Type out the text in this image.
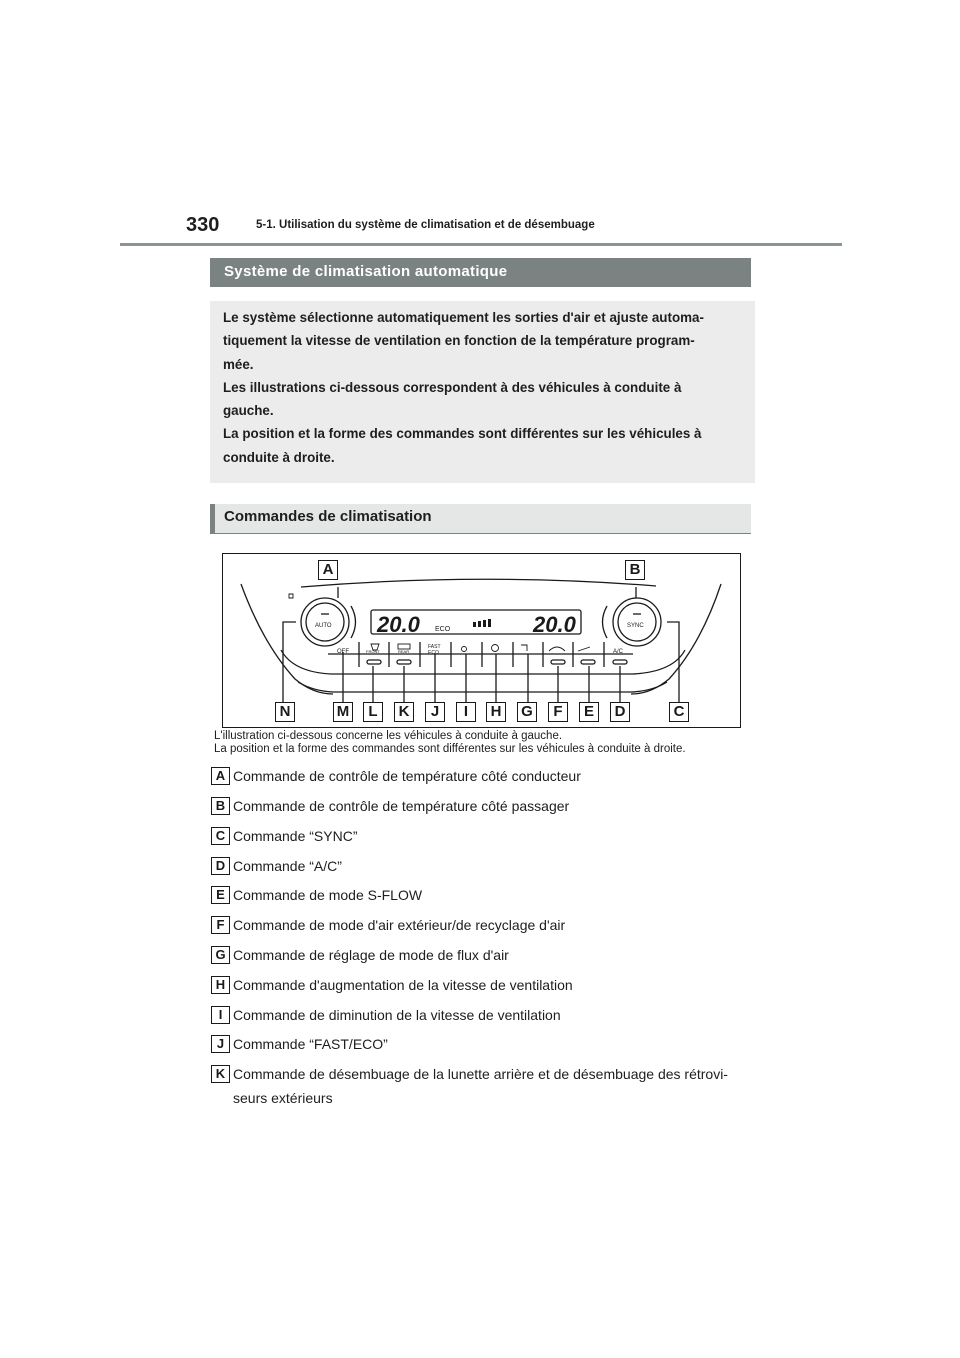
330	5-1. Utilisation du système de climatisation et de désembuage
Système de climatisation automatique

Le système sélectionne automatiquement les sorties d'air et ajuste automa-

tiquement la vitesse de ventilation en fonction de la température program-

mée.

Les illustrations ci-dessous correspondent à des véhicules à conduite à

gauche.

La position et la forme des commandes sont différentes sur les véhicules à

conduite à droite.

Commandes de climatisation
20.0	20.0
ECO
AUTO	SYNC
OFF	FRONT	REAR
FAST
ECO	A/C
A	B
N	M	L	K	J	I	H	G	F	E	D	C
L'illustration ci-dessous concerne les véhicules à conduite à gauche.
La position et la forme des commandes sont différentes sur les véhicules à conduite à droite.
A Commande de contrôle de température côté conducteur
B Commande de contrôle de température côté passager
C Commande “SYNC”
D Commande “A/C”
E Commande de mode S-FLOW
F Commande de mode d'air extérieur/de recyclage d'air
G Commande de réglage de mode de flux d'air
H Commande d'augmentation de la vitesse de ventilation
I Commande de diminution de la vitesse de ventilation
J Commande “FAST/ECO”
K Commande de désembuage de la lunette arrière et de désembuage des rétrovi-
seurs extérieurs
